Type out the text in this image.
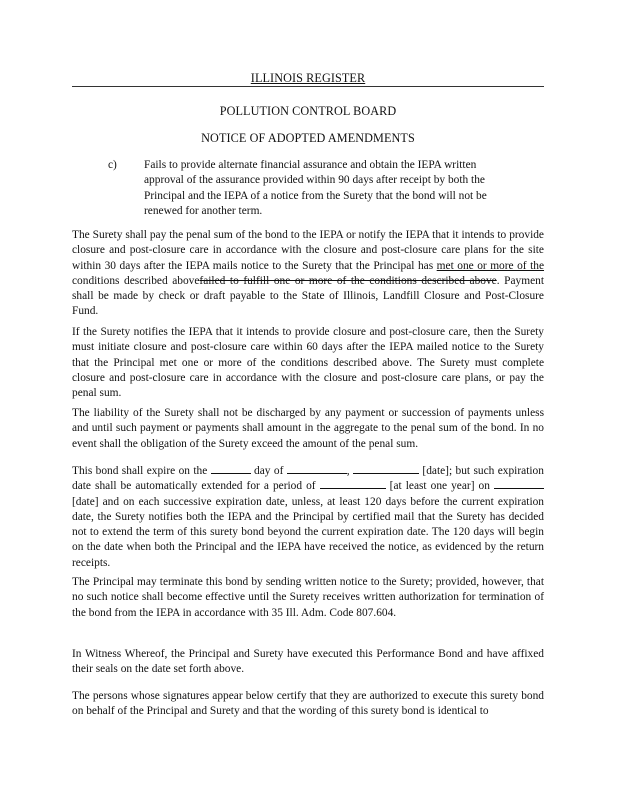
ILLINOIS REGISTER
POLLUTION CONTROL BOARD
NOTICE OF ADOPTED AMENDMENTS
c) Fails to provide alternate financial assurance and obtain the IEPA written approval of the assurance provided within 90 days after receipt by both the Principal and the IEPA of a notice from the Surety that the bond will not be renewed for another term.
The Surety shall pay the penal sum of the bond to the IEPA or notify the IEPA that it intends to provide closure and post-closure care in accordance with the closure and post-closure care plans for the site within 30 days after the IEPA mails notice to the Surety that the Principal has met one or more of the conditions described abovefailed to fulfill one or more of the conditions described above. Payment shall be made by check or draft payable to the State of Illinois, Landfill Closure and Post-Closure Fund.
If the Surety notifies the IEPA that it intends to provide closure and post-closure care, then the Surety must initiate closure and post-closure care within 60 days after the IEPA mailed notice to the Surety that the Principal met one or more of the conditions described above. The Surety must complete closure and post-closure care in accordance with the closure and post-closure care plans, or pay the penal sum.
The liability of the Surety shall not be discharged by any payment or succession of payments unless and until such payment or payments shall amount in the aggregate to the penal sum of the bond. In no event shall the obligation of the Surety exceed the amount of the penal sum.
This bond shall expire on the	day of	,	[date]; but such expiration date shall be automatically extended for a period of	[at least one year] on  [date] and on each successive expiration date, unless, at least 120 days before the current expiration date, the Surety notifies both the IEPA and the Principal by certified mail that the Surety has decided not to extend the term of this surety bond beyond the current expiration date. The 120 days will begin on the date when both the Principal and the IEPA have received the notice, as evidenced by the return receipts.
The Principal may terminate this bond by sending written notice to the Surety; provided, however, that no such notice shall become effective until the Surety receives written authorization for termination of the bond from the IEPA in accordance with 35 Ill. Adm. Code 807.604.
In Witness Whereof, the Principal and Surety have executed this Performance Bond and have affixed their seals on the date set forth above.
The persons whose signatures appear below certify that they are authorized to execute this surety bond on behalf of the Principal and Surety and that the wording of this surety bond is identical to
